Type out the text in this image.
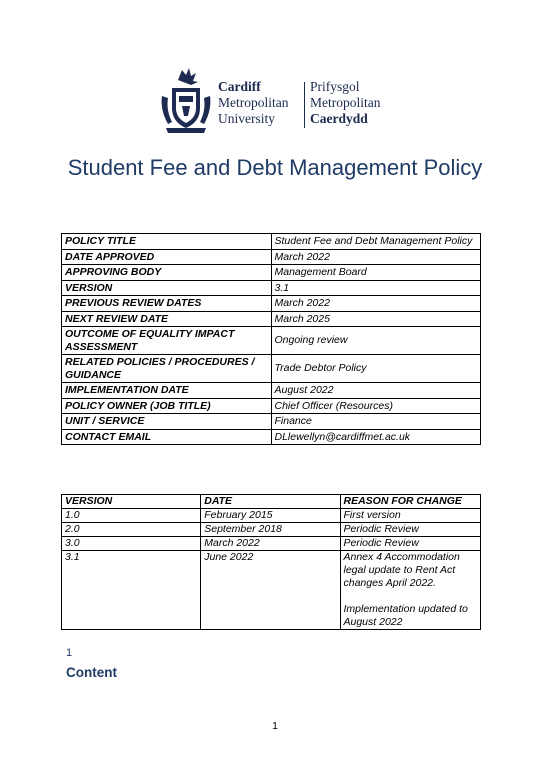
Cardiff
Metropolitan
University
Prifysgol
Metropolitan
Caerdydd
Student Fee and Debt Management Policy
POLICY TITLE	Student Fee and Debt Management Policy
DATE APPROVED	March 2022
APPROVING BODY	Management Board
VERSION	3.1
PREVIOUS REVIEW DATES	March 2022
NEXT REVIEW DATE	March 2025
OUTCOME OF EQUALITY IMPACT ASSESSMENT	Ongoing review
RELATED POLICIES / PROCEDURES / GUIDANCE	Trade Debtor Policy
IMPLEMENTATION DATE	August 2022
POLICY OWNER (JOB TITLE)	Chief Officer (Resources)
UNIT / SERVICE	Finance
CONTACT EMAIL	DLlewellyn@cardiffmet.ac.uk
VERSION	DATE	REASON FOR CHANGE
1.0	February 2015	First version

2.0	September 2018	Periodic Review

3.0	March 2022	Periodic Review

3.1	June 2022	Annex 4 Accommodation legal update to Rent Act changes April 2022.
Implementation updated to August 2022
1
Content
1
